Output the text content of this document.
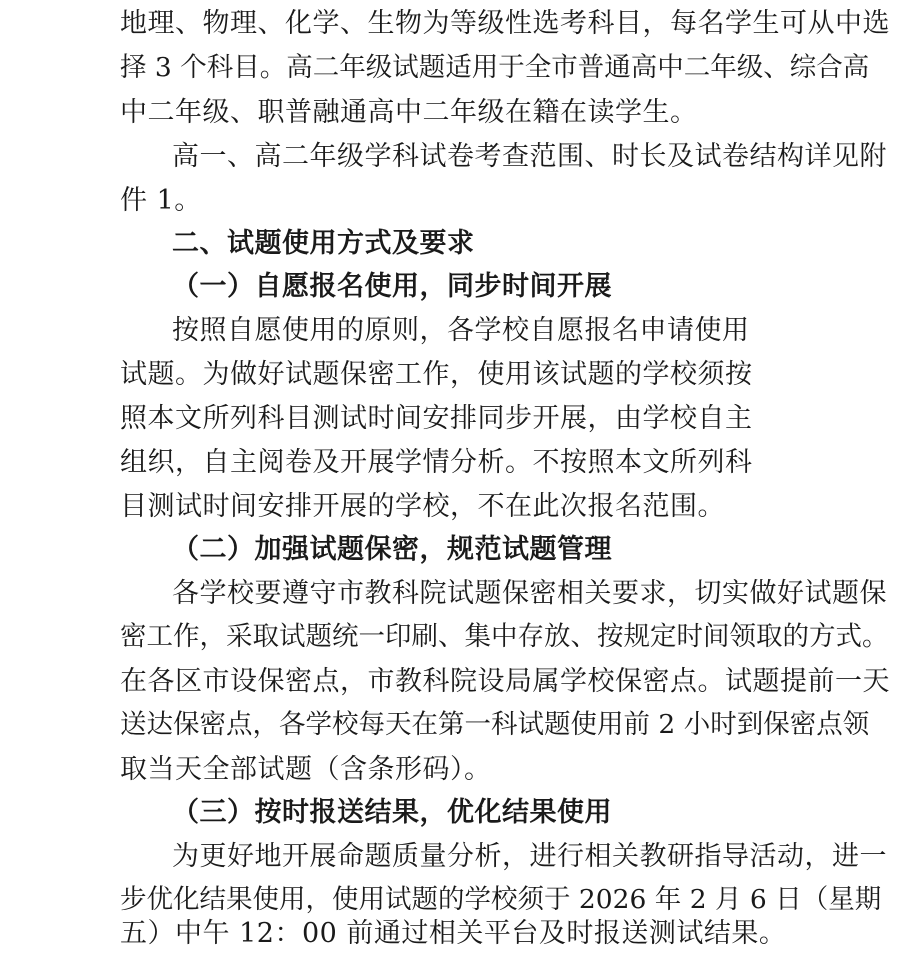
地理、物理、化学、生物为等级性选考科目，每名学生可从中选
择 3 个科目。高二年级试题适用于全市普通高中二年级、综合高
中二年级、职普融通高中二年级在籍在读学生。
高一、高二年级学科试卷考查范围、时长及试卷结构详见附
件 1。
二、试题使用方式及要求
（一）自愿报名使用，同步时间开展
按照自愿使用的原则，各学校自愿报名申请使用
试题。为做好试题保密工作，使用该试题的学校须按
照本文所列科目测试时间安排同步开展，由学校自主
组织，自主阅卷及开展学情分析。不按照本文所列科
目测试时间安排开展的学校，不在此次报名范围。
（二）加强试题保密，规范试题管理
各学校要遵守市教科院试题保密相关要求，切实做好试题保
密工作，采取试题统一印刷、集中存放、按规定时间领取的方式。
在各区市设保密点，市教科院设局属学校保密点。试题提前一天
送达保密点，各学校每天在第一科试题使用前 2 小时到保密点领
取当天全部试题（含条形码）。
（三）按时报送结果，优化结果使用
为更好地开展命题质量分析，进行相关教研指导活动，进一
步优化结果使用，使用试题的学校须于 2026 年 2 月 6 日（星期
五）中午 12：00 前通过相关平台及时报送测试结果。
